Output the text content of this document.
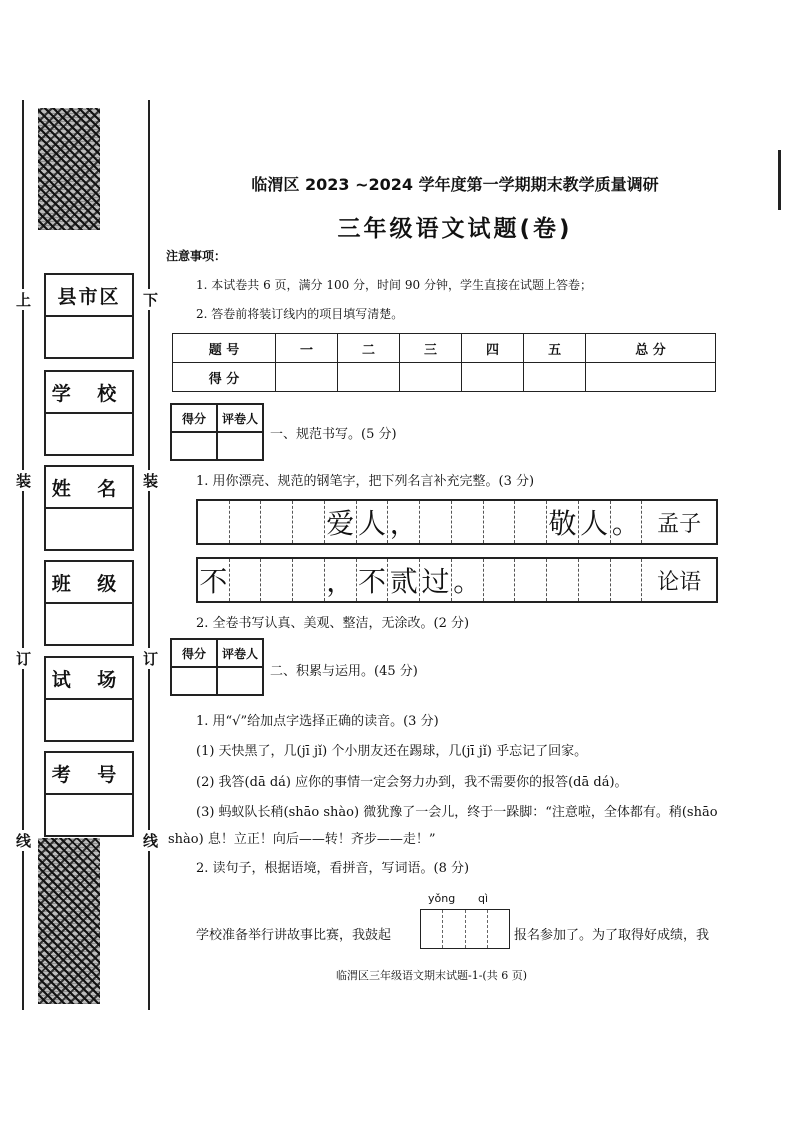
上	下
装	装
订	订
线	线
县市区
学 校
姓 名
班 级
试 场
考 号
临渭区 2023 ~2024 学年度第一学期期末教学质量调研
三年级语文试题(卷)
注意事项：
1. 本试卷共 6 页，满分 100 分，时间 90 分钟，学生直接在试题上答卷；
2. 答卷前将装订线内的项目填写清楚。
题 号	一	二	三	四	五	总 分
得 分						
得分	评卷人
一、规范书写。(5 分)
1. 用你漂亮、规范的钢笔字，把下列名言补充完整。(3 分)
爱 人 ，	敬 人 。 孟子
不	， 不 贰 过 。	论语
2. 全卷书写认真、美观、整洁，无涂改。(2 分)
得分	评卷人
二、积累与运用。(45 分)
1. 用“√”给加点字选择正确的读音。(3 分)
(1) 天快黑了，几(jī jǐ) 个小朋友还在踢球，几(jī jǐ) 乎忘记了回家。
(2) 我答(dā dá) 应你的事情一定会努力办到，我不需要你的报答(dā dá)。
(3) 蚂蚁队长稍(shāo shào) 微犹豫了一会儿，终于一跺脚：“注意啦，全体都有。稍(shāo
shào) 息！立正！向后——转！齐步——走！”
2. 读句子，根据语境，看拼音，写词语。(8 分)
yǒng qì
学校准备举行讲故事比赛，我鼓起	报名参加了。为了取得好成绩，我
临渭区三年级语文期末试题-1-(共 6 页)
